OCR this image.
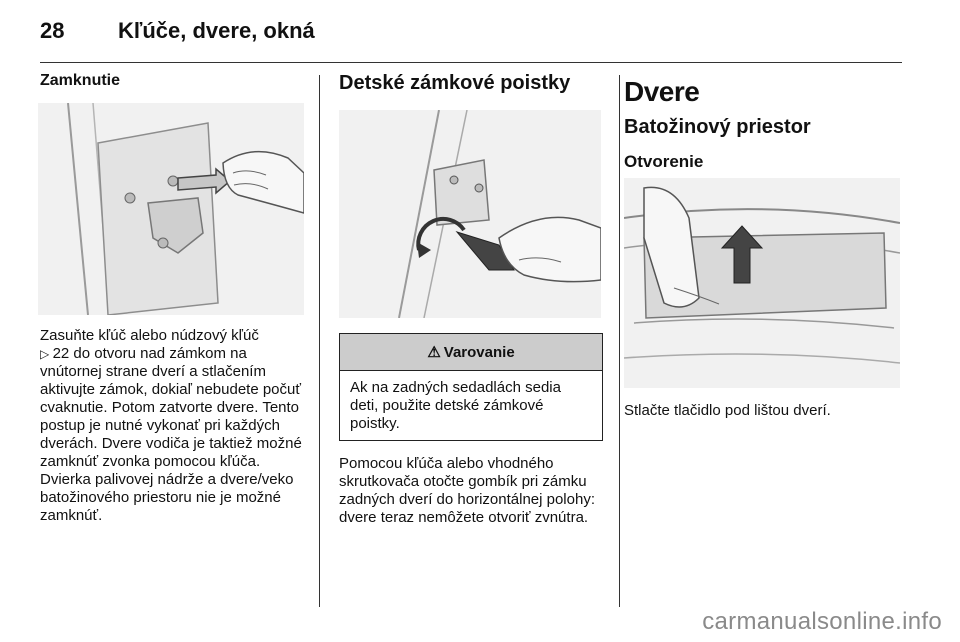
28 Kľúče, dvere, okná
Zamknutie

Zasuňte kľúč alebo núdzový kľúč
▷ 22 do otvoru nad zámkom na vnútornej strane dverí a stlačením aktivujte zámok, dokiaľ nebudete počuť cvaknutie. Potom zatvorte dvere. Tento postup je nutné vykonať pri každých dverách. Dvere vodiča je taktiež možné zamknúť zvonka pomocou kľúča. Dvierka palivovej nádrže a dvere/veko batožinového priestoru nie je možné zamknúť.

Detské zámkové poistky
⚠ Varovanie
Ak na zadných sedadlách sedia deti, použite detské zámkové poistky.

Pomocou kľúča alebo vhodného skrutkovača otočte gombík pri zámku zadných dverí do horizontálnej polohy: dvere teraz nemôžete otvoriť zvnútra.

Dvere
Batožinový priestor
Otvorenie

Stlačte tlačidlo pod lištou dverí.

carmanualsonline.info
